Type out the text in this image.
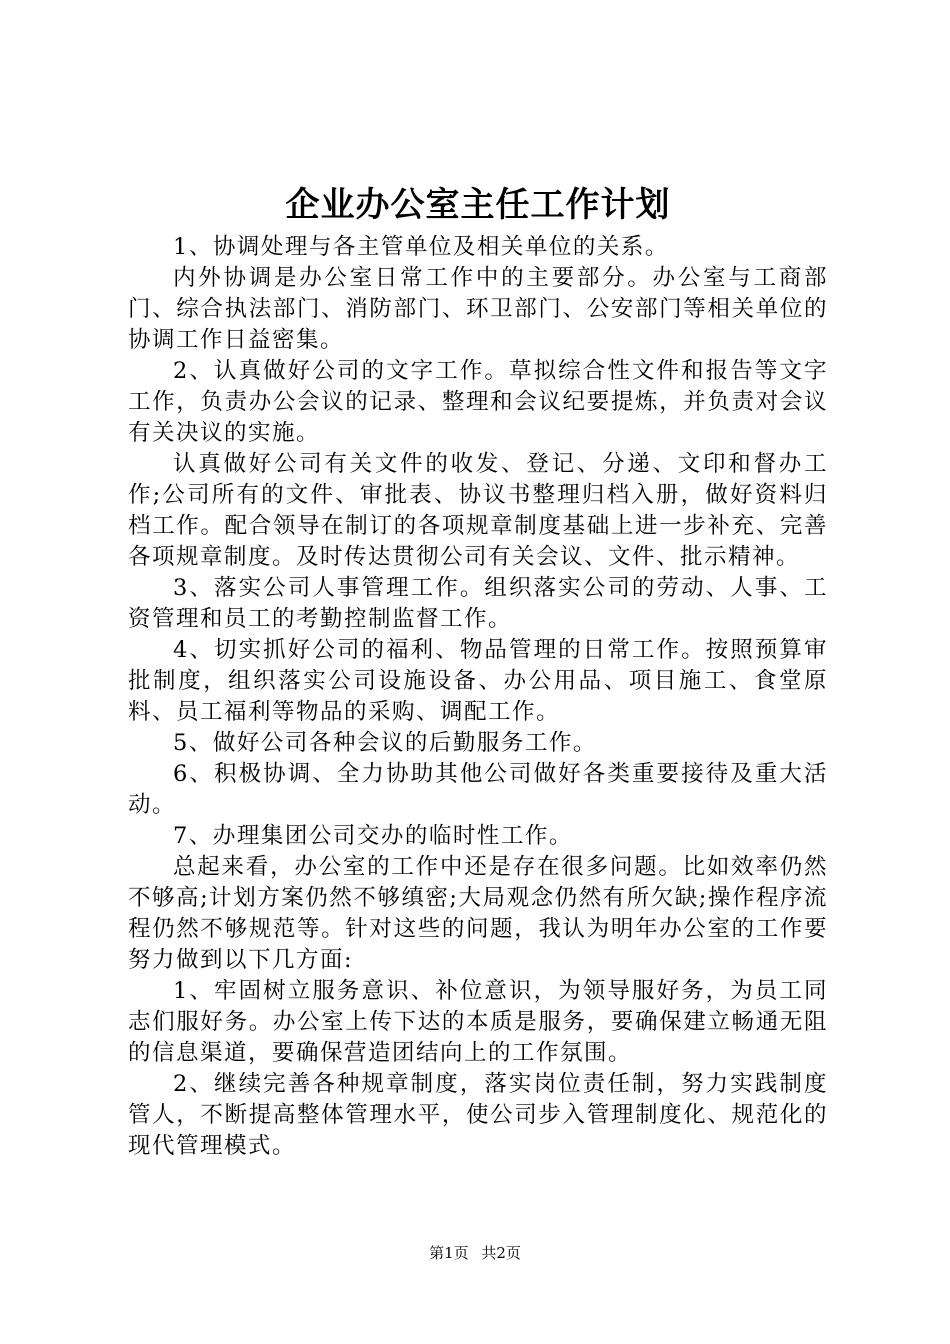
企业办公室主任工作计划

1、协调处理与各主管单位及相关单位的关系。

内外协调是办公室日常工作中的主要部分。办公室与工商部门、综合执法部门、消防部门、环卫部门、公安部门等相关单位的协调工作日益密集。

2、认真做好公司的文字工作。草拟综合性文件和报告等文字工作，负责办公会议的记录、整理和会议纪要提炼，并负责对会议有关决议的实施。

认真做好公司有关文件的收发、登记、分递、文印和督办工作;公司所有的文件、审批表、协议书整理归档入册，做好资料归档工作。配合领导在制订的各项规章制度基础上进一步补充、完善各项规章制度。及时传达贯彻公司有关会议、文件、批示精神。

3、落实公司人事管理工作。组织落实公司的劳动、人事、工资管理和员工的考勤控制监督工作。

4、切实抓好公司的福利、物品管理的日常工作。按照预算审批制度，组织落实公司设施设备、办公用品、项目施工、食堂原料、员工福利等物品的采购、调配工作。

5、做好公司各种会议的后勤服务工作。

6、积极协调、全力协助其他公司做好各类重要接待及重大活动。

7、办理集团公司交办的临时性工作。

总起来看，办公室的工作中还是存在很多问题。比如效率仍然不够高;计划方案仍然不够缜密;大局观念仍然有所欠缺;操作程序流程仍然不够规范等。针对这些的问题，我认为明年办公室的工作要努力做到以下几方面:

1、牢固树立服务意识、补位意识，为领导服好务，为员工同志们服好务。办公室上传下达的本质是服务，要确保建立畅通无阻的信息渠道，要确保营造团结向上的工作氛围。

2、继续完善各种规章制度，落实岗位责任制，努力实践制度管人，不断提高整体管理水平，使公司步入管理制度化、规范化的现代管理模式。

第1页 共2页
